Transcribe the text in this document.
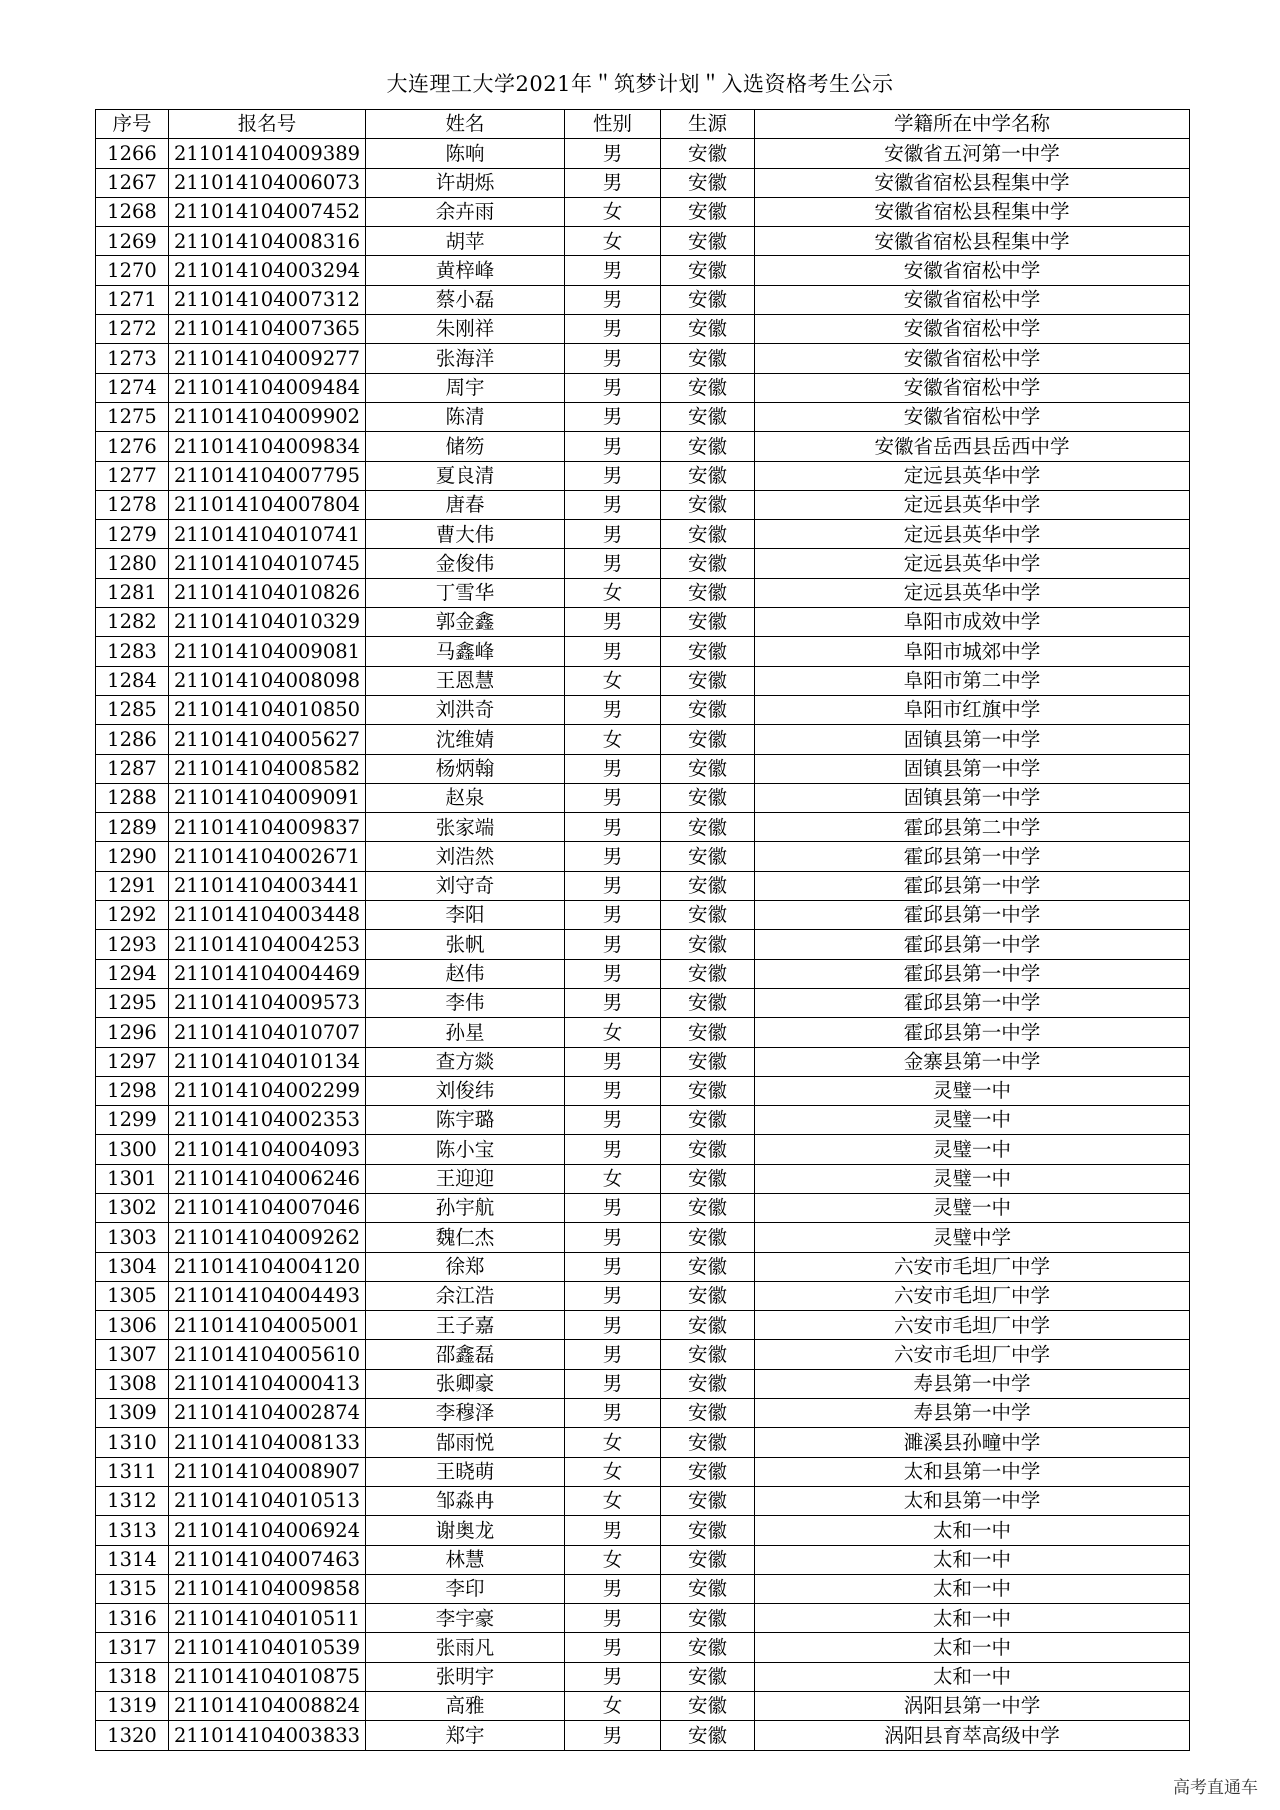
大连理工大学2021年＂筑梦计划＂入选资格考生公示
序号	报名号	姓名	性别	生源	学籍所在中学名称
1266	211014104009389	陈响	男	安徽	安徽省五河第一中学
1267	211014104006073	许胡烁	男	安徽	安徽省宿松县程集中学
1268	211014104007452	余卉雨	女	安徽	安徽省宿松县程集中学
1269	211014104008316	胡苹	女	安徽	安徽省宿松县程集中学
1270	211014104003294	黄梓峰	男	安徽	安徽省宿松中学
1271	211014104007312	蔡小磊	男	安徽	安徽省宿松中学
1272	211014104007365	朱刚祥	男	安徽	安徽省宿松中学
1273	211014104009277	张海洋	男	安徽	安徽省宿松中学
1274	211014104009484	周宇	男	安徽	安徽省宿松中学
1275	211014104009902	陈清	男	安徽	安徽省宿松中学
1276	211014104009834	储笏	男	安徽	安徽省岳西县岳西中学
1277	211014104007795	夏良清	男	安徽	定远县英华中学
1278	211014104007804	唐春	男	安徽	定远县英华中学
1279	211014104010741	曹大伟	男	安徽	定远县英华中学
1280	211014104010745	金俊伟	男	安徽	定远县英华中学
1281	211014104010826	丁雪华	女	安徽	定远县英华中学
1282	211014104010329	郭金鑫	男	安徽	阜阳市成效中学
1283	211014104009081	马鑫峰	男	安徽	阜阳市城郊中学
1284	211014104008098	王恩慧	女	安徽	阜阳市第二中学
1285	211014104010850	刘洪奇	男	安徽	阜阳市红旗中学
1286	211014104005627	沈维婧	女	安徽	固镇县第一中学
1287	211014104008582	杨炳翰	男	安徽	固镇县第一中学
1288	211014104009091	赵泉	男	安徽	固镇县第一中学
1289	211014104009837	张家端	男	安徽	霍邱县第二中学
1290	211014104002671	刘浩然	男	安徽	霍邱县第一中学
1291	211014104003441	刘守奇	男	安徽	霍邱县第一中学
1292	211014104003448	李阳	男	安徽	霍邱县第一中学
1293	211014104004253	张帆	男	安徽	霍邱县第一中学
1294	211014104004469	赵伟	男	安徽	霍邱县第一中学
1295	211014104009573	李伟	男	安徽	霍邱县第一中学
1296	211014104010707	孙星	女	安徽	霍邱县第一中学
1297	211014104010134	查方燚	男	安徽	金寨县第一中学
1298	211014104002299	刘俊纬	男	安徽	灵璧一中
1299	211014104002353	陈宇璐	男	安徽	灵璧一中
1300	211014104004093	陈小宝	男	安徽	灵璧一中
1301	211014104006246	王迎迎	女	安徽	灵璧一中
1302	211014104007046	孙宇航	男	安徽	灵璧一中
1303	211014104009262	魏仁杰	男	安徽	灵璧中学
1304	211014104004120	徐郑	男	安徽	六安市毛坦厂中学
1305	211014104004493	余江浩	男	安徽	六安市毛坦厂中学
1306	211014104005001	王子嘉	男	安徽	六安市毛坦厂中学
1307	211014104005610	邵鑫磊	男	安徽	六安市毛坦厂中学
1308	211014104000413	张卿豪	男	安徽	寿县第一中学
1309	211014104002874	李穆泽	男	安徽	寿县第一中学
1310	211014104008133	郜雨悦	女	安徽	濉溪县孙疃中学
1311	211014104008907	王晓萌	女	安徽	太和县第一中学
1312	211014104010513	邹淼冉	女	安徽	太和县第一中学
1313	211014104006924	谢奥龙	男	安徽	太和一中
1314	211014104007463	林慧	女	安徽	太和一中
1315	211014104009858	李印	男	安徽	太和一中
1316	211014104010511	李宇豪	男	安徽	太和一中
1317	211014104010539	张雨凡	男	安徽	太和一中
1318	211014104010875	张明宇	男	安徽	太和一中
1319	211014104008824	高雅	女	安徽	涡阳县第一中学
1320	211014104003833	郑宇	男	安徽	涡阳县育萃高级中学
高考直通车
